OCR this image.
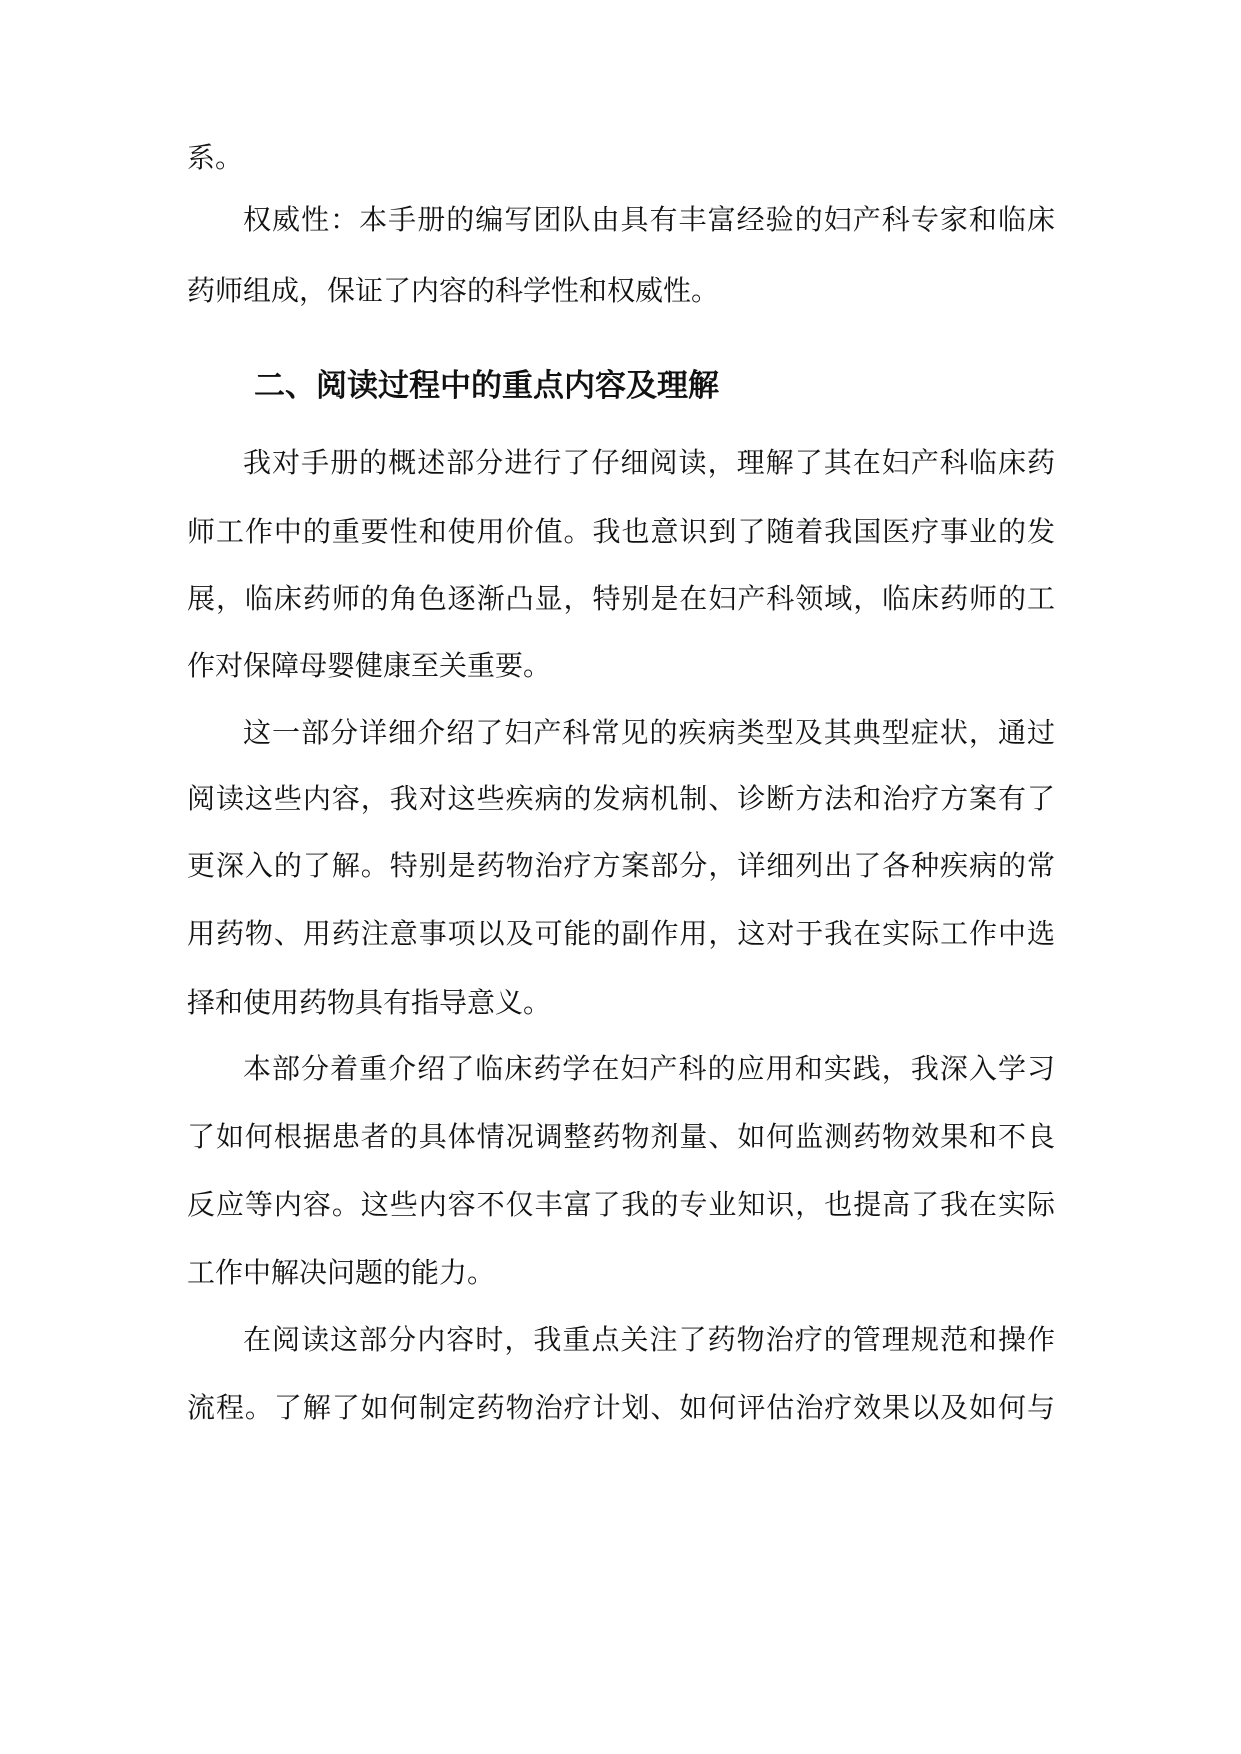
系。
权威性：本手册的编写团队由具有丰富经验的妇产科专家和临床
药师组成，保证了内容的科学性和权威性。
二、阅读过程中的重点内容及理解
我对手册的概述部分进行了仔细阅读，理解了其在妇产科临床药
师工作中的重要性和使用价值。我也意识到了随着我国医疗事业的发
展，临床药师的角色逐渐凸显，特别是在妇产科领域，临床药师的工
作对保障母婴健康至关重要。
这一部分详细介绍了妇产科常见的疾病类型及其典型症状，通过
阅读这些内容，我对这些疾病的发病机制、诊断方法和治疗方案有了
更深入的了解。特别是药物治疗方案部分，详细列出了各种疾病的常
用药物、用药注意事项以及可能的副作用，这对于我在实际工作中选
择和使用药物具有指导意义。
本部分着重介绍了临床药学在妇产科的应用和实践，我深入学习
了如何根据患者的具体情况调整药物剂量、如何监测药物效果和不良
反应等内容。这些内容不仅丰富了我的专业知识，也提高了我在实际
工作中解决问题的能力。
在阅读这部分内容时，我重点关注了药物治疗的管理规范和操作
流程。了解了如何制定药物治疗计划、如何评估治疗效果以及如何与
